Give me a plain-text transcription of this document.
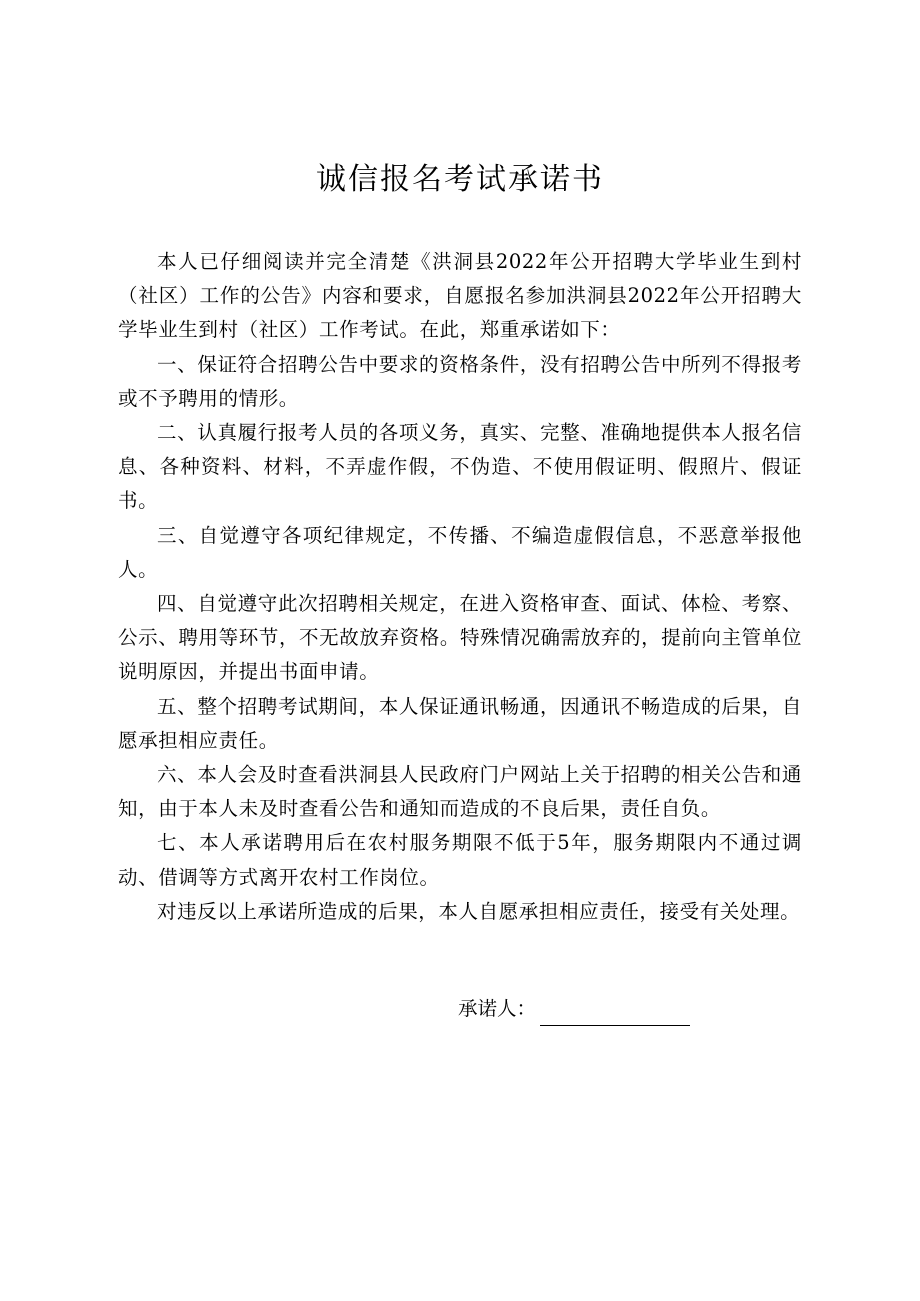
诚信报名考试承诺书

本人已仔细阅读并完全清楚《洪洞县2022年公开招聘大学毕业生到村（社区）工作的公告》内容和要求，自愿报名参加洪洞县2022年公开招聘大学毕业生到村（社区）工作考试。在此，郑重承诺如下：

一、保证符合招聘公告中要求的资格条件，没有招聘公告中所列不得报考或不予聘用的情形。

二、认真履行报考人员的各项义务，真实、完整、准确地提供本人报名信息、各种资料、材料，不弄虚作假，不伪造、不使用假证明、假照片、假证书。

三、自觉遵守各项纪律规定，不传播、不编造虚假信息，不恶意举报他人。

四、自觉遵守此次招聘相关规定，在进入资格审查、面试、体检、考察、公示、聘用等环节，不无故放弃资格。特殊情况确需放弃的，提前向主管单位说明原因，并提出书面申请。

五、整个招聘考试期间，本人保证通讯畅通，因通讯不畅造成的后果，自愿承担相应责任。

六、本人会及时查看洪洞县人民政府门户网站上关于招聘的相关公告和通知，由于本人未及时查看公告和通知而造成的不良后果，责任自负。

七、本人承诺聘用后在农村服务期限不低于5年，服务期限内不通过调动、借调等方式离开农村工作岗位。

对违反以上承诺所造成的后果，本人自愿承担相应责任，接受有关处理。

承诺人：
